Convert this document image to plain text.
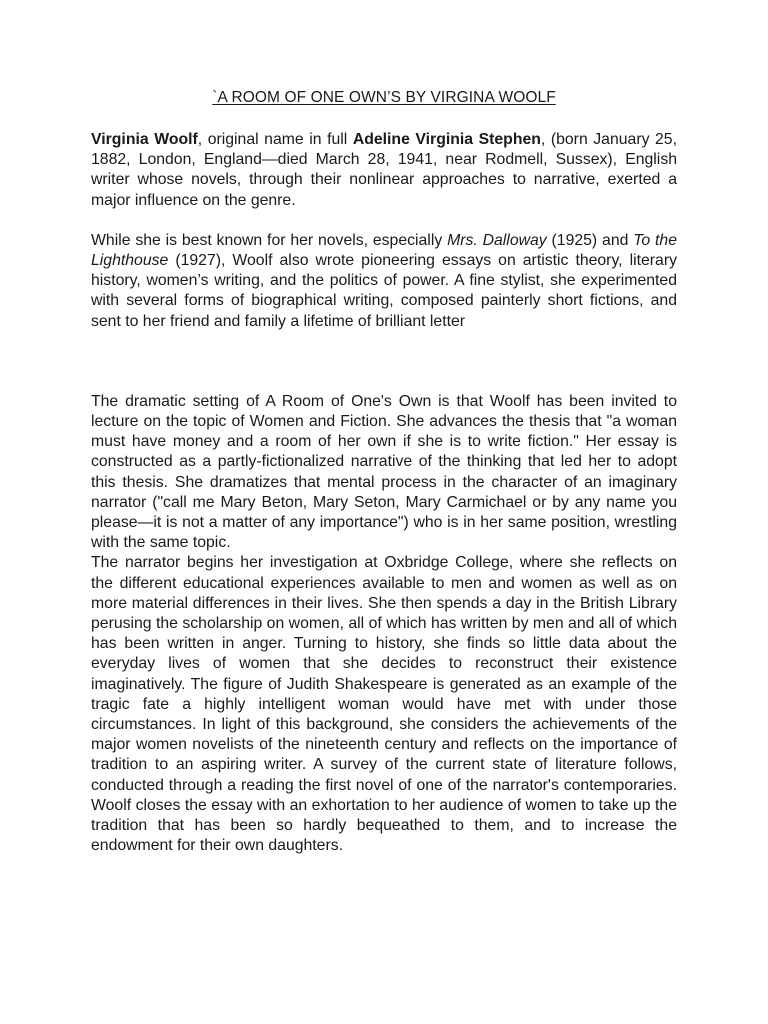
`A ROOM OF ONE OWN’S BY VIRGINA WOOLF

Virginia Woolf, original name in full Adeline Virginia Stephen, (born January 25, 1882, London, England—died March 28, 1941, near Rodmell, Sussex), English writer whose novels, through their nonlinear approaches to narrative, exerted a major influence on the genre.

While she is best known for her novels, especially Mrs. Dalloway (1925) and To the Lighthouse (1927), Woolf also wrote pioneering essays on artistic theory, literary history, women’s writing, and the politics of power. A fine stylist, she experimented with several forms of biographical writing, composed painterly short fictions, and sent to her friend and family a lifetime of brilliant letter

The dramatic setting of A Room of One's Own is that Woolf has been invited to lecture on the topic of Women and Fiction. She advances the thesis that "a woman must have money and a room of her own if she is to write fiction." Her essay is constructed as a partly-fictionalized narrative of the thinking that led her to adopt this thesis. She dramatizes that mental process in the character of an imaginary narrator ("call me Mary Beton, Mary Seton, Mary Carmichael or by any name you please—it is not a matter of any importance") who is in her same position, wrestling with the same topic.

The narrator begins her investigation at Oxbridge College, where she reflects on the different educational experiences available to men and women as well as on more material differences in their lives. She then spends a day in the British Library perusing the scholarship on women, all of which has written by men and all of which has been written in anger. Turning to history, she finds so little data about the everyday lives of women that she decides to reconstruct their existence imaginatively. The figure of Judith Shakespeare is generated as an example of the tragic fate a highly intelligent woman would have met with under those circumstances. In light of this background, she considers the achievements of the major women novelists of the nineteenth century and reflects on the importance of tradition to an aspiring writer. A survey of the current state of literature follows, conducted through a reading the first novel of one of the narrator's contemporaries. Woolf closes the essay with an exhortation to her audience of women to take up the tradition that has been so hardly bequeathed to them, and to increase the endowment for their own daughters.
